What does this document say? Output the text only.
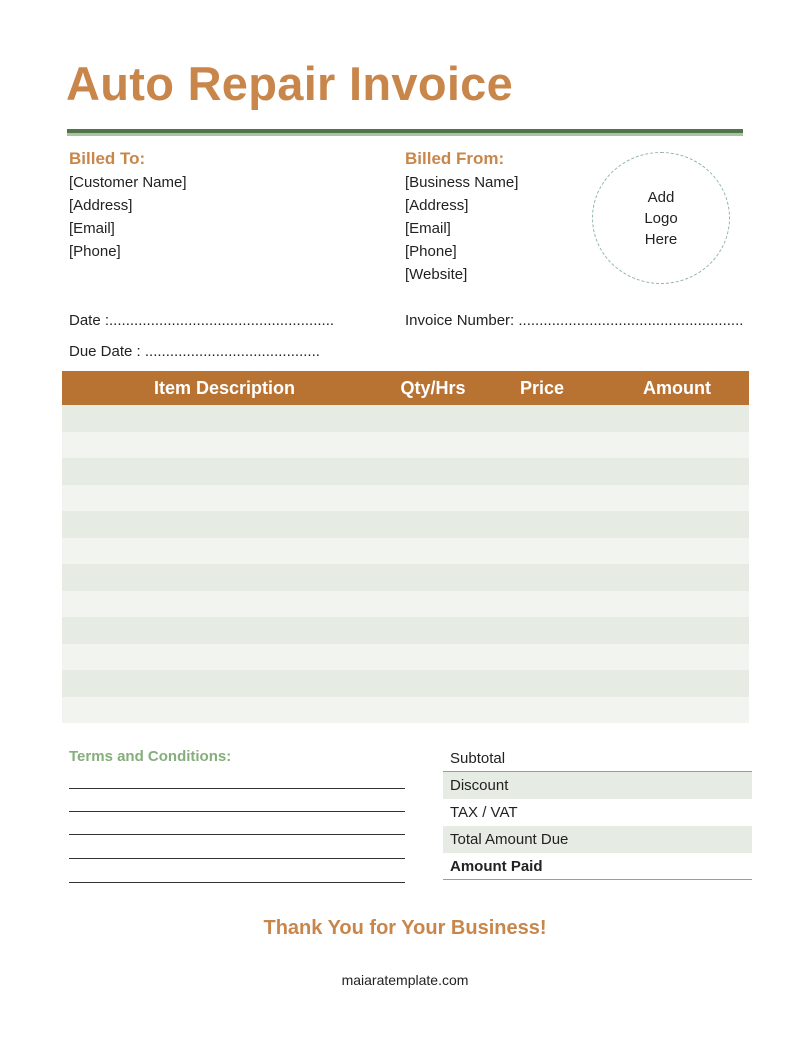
Auto Repair Invoice
Billed To:
[Customer Name]
[Address]
[Email]
[Phone]
Billed From:
[Business Name]
[Address]
[Email]
[Phone]
[Website]
Add
Logo
Here
Date :......................................................
Due Date : ..........................................
Invoice Number: ......................................................
Item Description	Qty/Hrs	Price	Amount
Terms and Conditions:	Subtotal
Discount
TAX / VAT
Total Amount Due
Amount Paid
Thank You for Your Business!
maiaratemplate.com
